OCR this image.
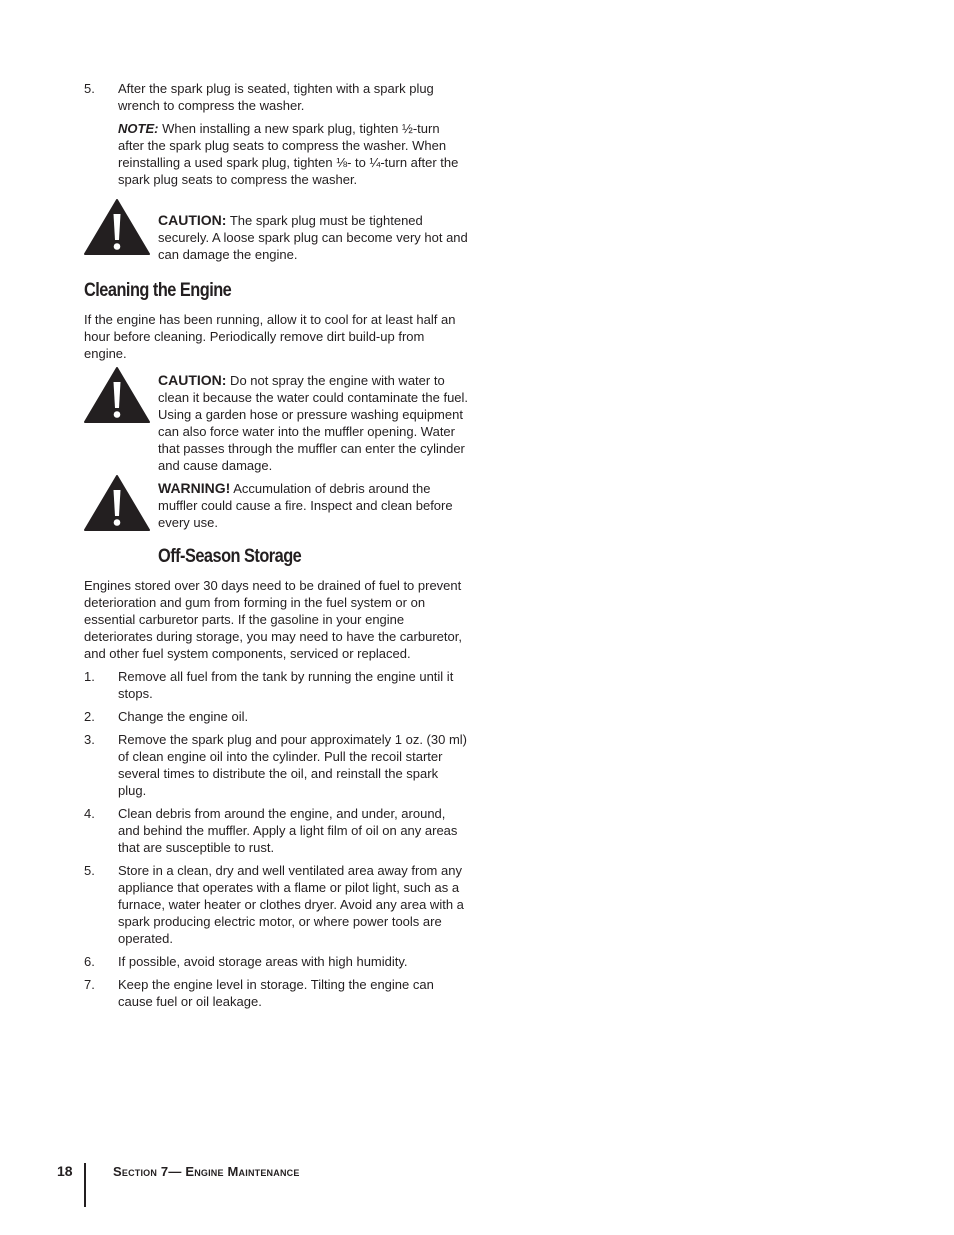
5. After the spark plug is seated, tighten with a spark plug wrench to compress the washer.
NOTE: When installing a new spark plug, tighten ½-turn after the spark plug seats to compress the washer. When reinstalling a used spark plug, tighten ⅛- to ¼-turn after the spark plug seats to compress the washer.
CAUTION: The spark plug must be tightened securely. A loose spark plug can become very hot and can damage the engine.
Cleaning the Engine

If the engine has been running, allow it to cool for at least half an hour before cleaning. Periodically remove dirt build-up from engine.

CAUTION: Do not spray the engine with water to clean it because the water could contaminate the fuel. Using a garden hose or pressure washing equipment can also force water into the muffler opening. Water that passes through the muffler can enter the cylinder and cause damage.
WARNING! Accumulation of debris around the muffler could cause a fire. Inspect and clean before every use.
Off-Season Storage

Engines stored over 30 days need to be drained of fuel to prevent deterioration and gum from forming in the fuel system or on essential carburetor parts. If the gasoline in your engine deteriorates during storage, you may need to have the carburetor, and other fuel system components, serviced or replaced.

1. Remove all fuel from the tank by running the engine until it stops.
2. Change the engine oil.
3. Remove the spark plug and pour approximately 1 oz. (30 ml) of clean engine oil into the cylinder. Pull the recoil starter several times to distribute the oil, and reinstall the spark plug.
4. Clean debris from around the engine, and under, around, and behind the muffler. Apply a light film of oil on any areas that are susceptible to rust.
5. Store in a clean, dry and well ventilated area away from any appliance that operates with a flame or pilot light, such as a furnace, water heater or clothes dryer. Avoid any area with a spark producing electric motor, or where power tools are operated.
6. If possible, avoid storage areas with high humidity.
7. Keep the engine level in storage. Tilting the engine can cause fuel or oil leakage.
18	Section 7— Engine Maintenance
